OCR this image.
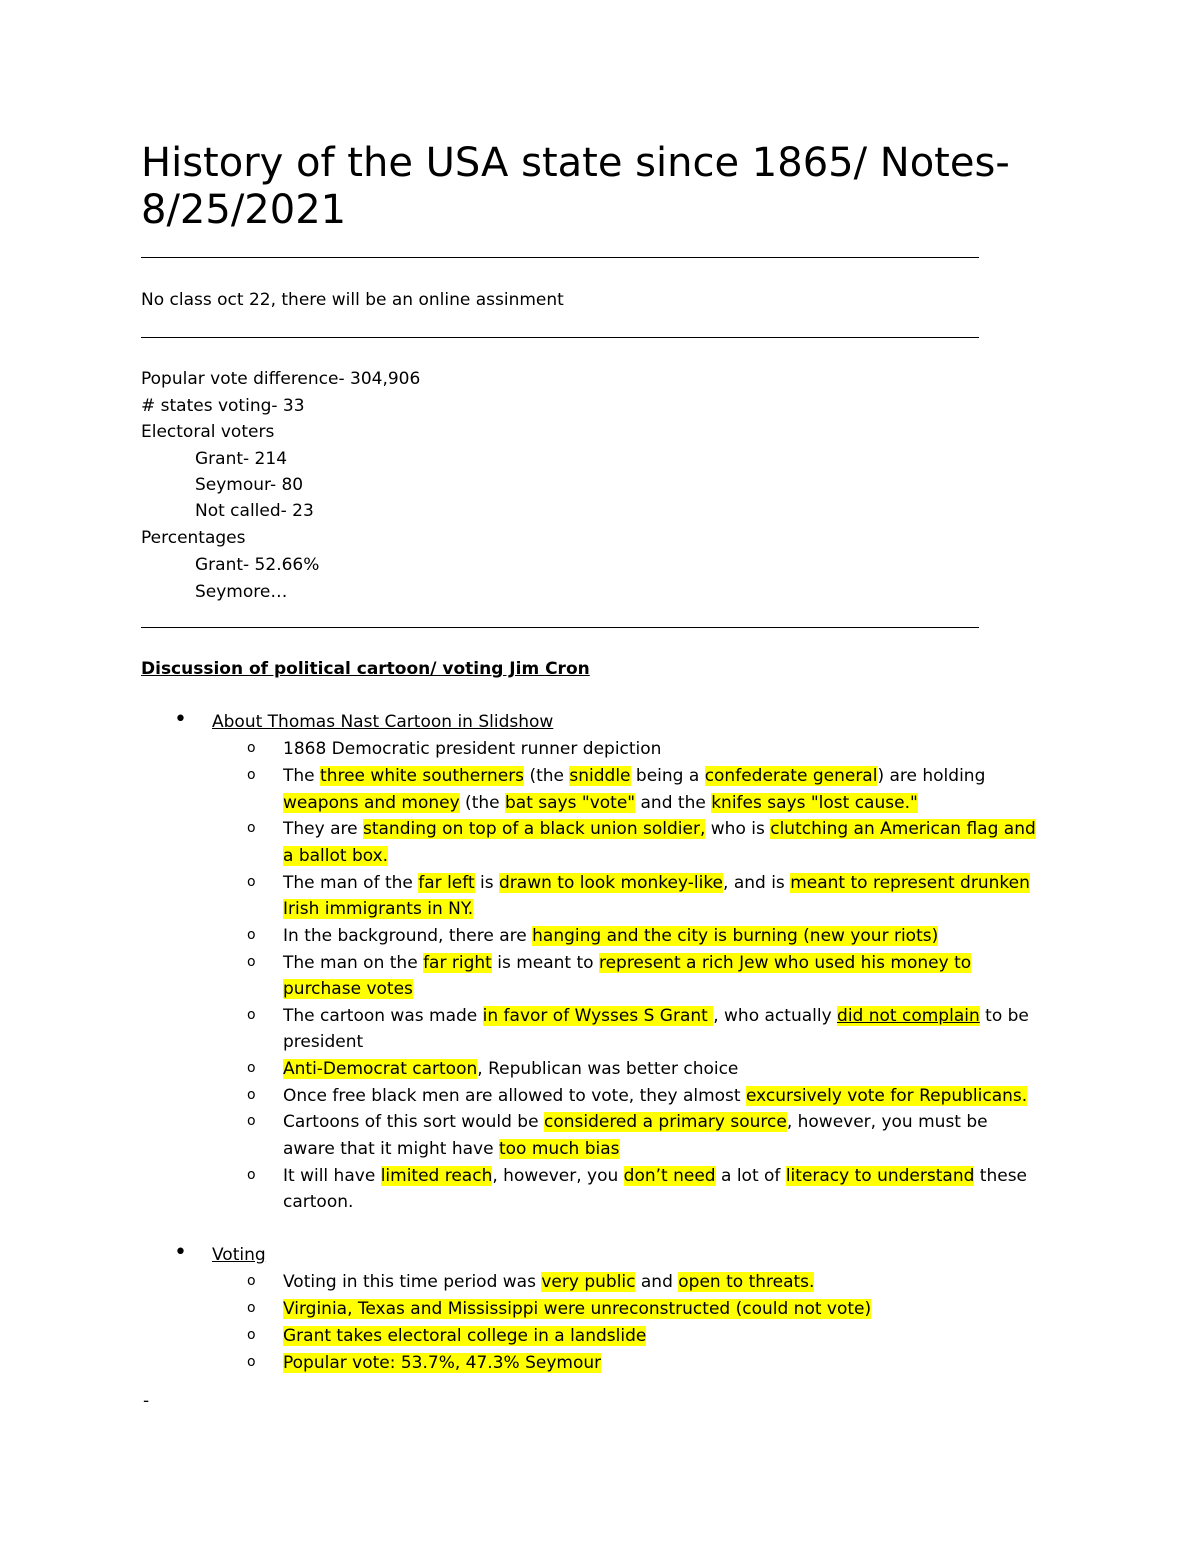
History of the USA state since 1865/ Notes-
8/25/2021
No class oct 22, there will be an online assinment
Popular vote difference- 304,906
# states voting- 33
Electoral voters
Grant- 214
Seymour- 80
Not called- 23
Percentages
Grant- 52.66%
Seymore…
Discussion of political cartoon/ voting Jim Cron
• About Thomas Nast Cartoon in Slidshow
o 1868 Democratic president runner depiction
o The three white southerners (the sniddle being a confederate general) are holding
weapons and money (the bat says "vote" and the knifes says "lost cause."
o They are standing on top of a black union soldier, who is clutching an American flag and
a ballot box.
o The man of the far left is drawn to look monkey-like, and is meant to represent drunken
Irish immigrants in NY.
o In the background, there are hanging and the city is burning (new your riots)
o The man on the far right is meant to represent a rich Jew who used his money to
purchase votes
o The cartoon was made in favor of Wysses S Grant , who actually did not complain to be
president
o Anti-Democrat cartoon, Republican was better choice
o Once free black men are allowed to vote, they almost excursively vote for Republicans.
o Cartoons of this sort would be considered a primary source, however, you must be
aware that it might have too much bias
o It will have limited reach, however, you don’t need a lot of literacy to understand these
cartoon.
• Voting
o Voting in this time period was very public and open to threats.
o Virginia, Texas and Mississippi were unreconstructed (could not vote)
o Grant takes electoral college in a landslide
o Popular vote: 53.7%, 47.3% Seymour
-
